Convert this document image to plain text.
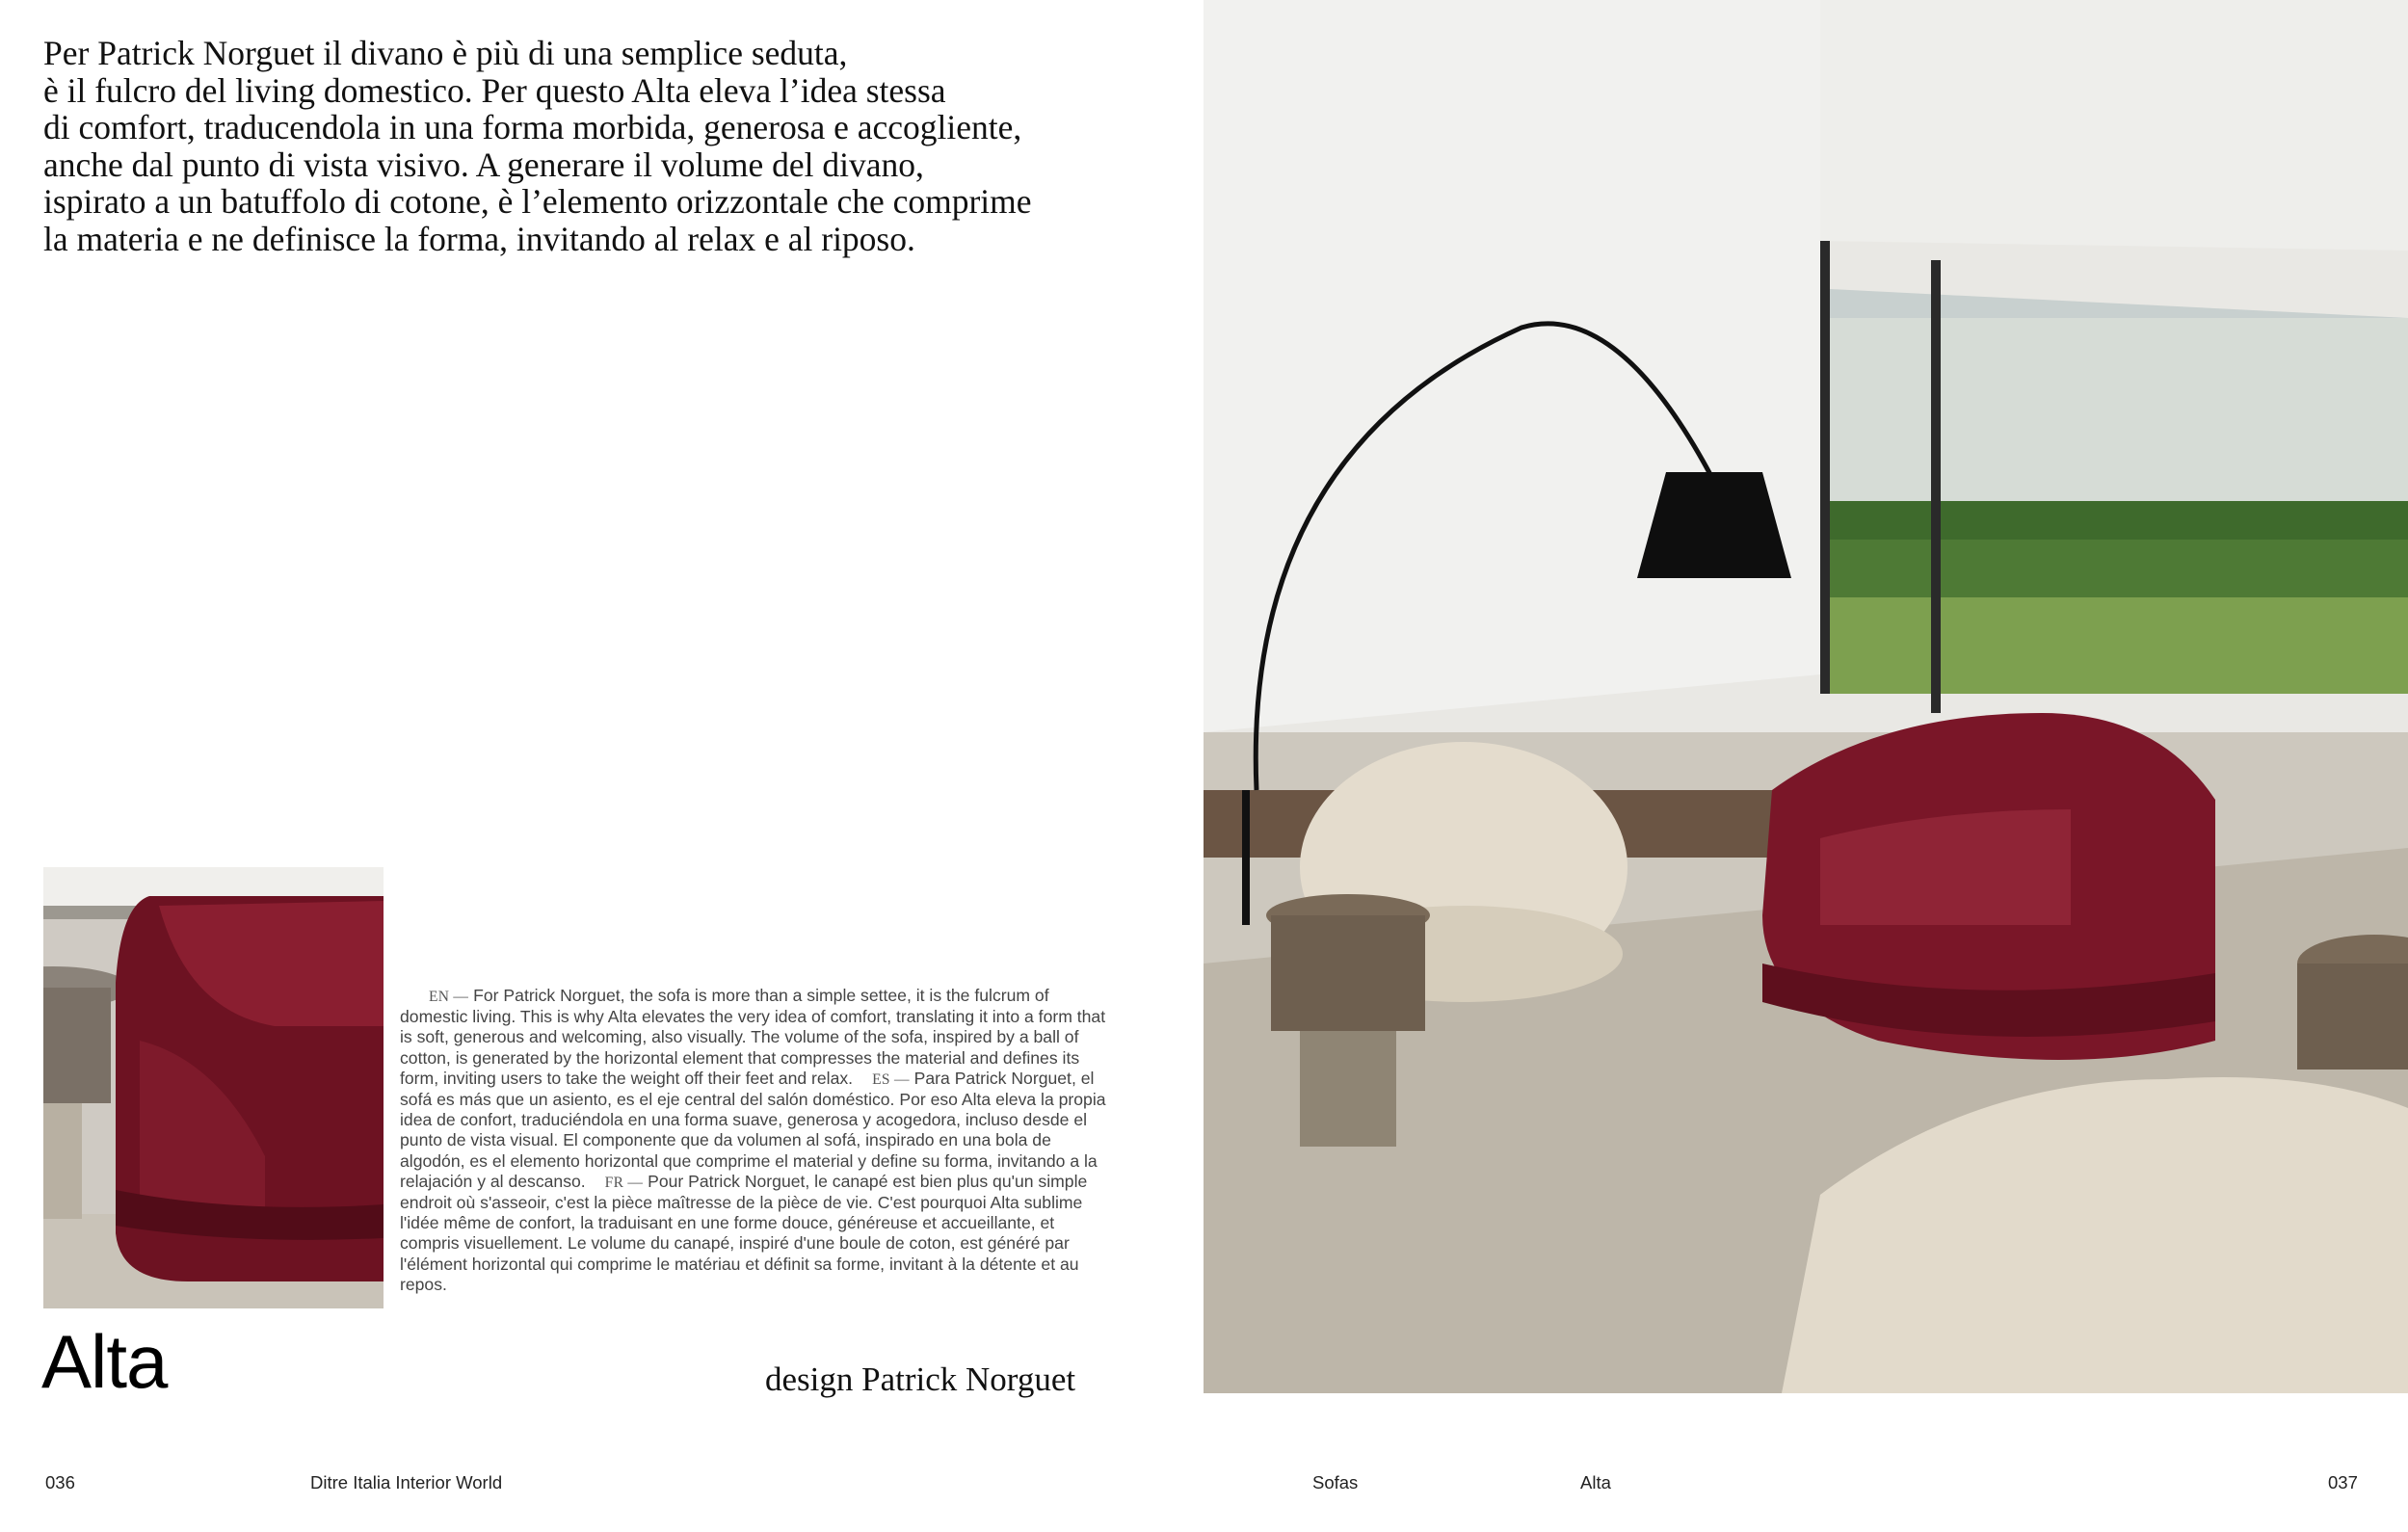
Per Patrick Norguet il divano è più di una semplice seduta,
è il fulcro del living domestico. Per questo Alta eleva l’idea stessa
di comfort, traducendola in una forma morbida, generosa e accogliente,
anche dal punto di vista visivo. A generare il volume del divano,
ispirato a un batuffolo di cotone, è l’elemento orizzontale che comprime
la materia e ne definisce la forma, invitando al relax e al riposo.

EN — For Patrick Norguet, the sofa is more than a simple settee, it is the fulcrum of domestic living. This is why Alta elevates the very idea of comfort, translating it into a form that is soft, generous and welcoming, also visually. The volume of the sofa, inspired by a ball of cotton, is generated by the horizontal element that compresses the material and defines its form, inviting users to take the weight off their feet and relax. ES — Para Patrick Norguet, el sofá es más que un asiento, es el eje central del salón doméstico. Por eso Alta eleva la propia idea de confort, traduciéndola en una forma suave, generosa y acogedora, incluso desde el punto de vista visual. El componente que da volumen al sofá, inspirado en una bola de algodón, es el elemento horizontal que comprime el material y define su forma, invitando a la relajación y al descanso. FR — Pour Patrick Norguet, le canapé est bien plus qu'un simple endroit où s'asseoir, c'est la pièce maîtresse de la pièce de vie. C'est pourquoi Alta sublime l'idée même de confort, la traduisant en une forme douce, généreuse et accueillante, et compris visuellement. Le volume du canapé, inspiré d'une boule de coton, est généré par l'élément horizontal qui comprime le matériau et définit sa forme, invitant à la détente et au repos.

Alta	design Patrick Norguet
036	Ditre Italia Interior World	Sofas	Alta	037
